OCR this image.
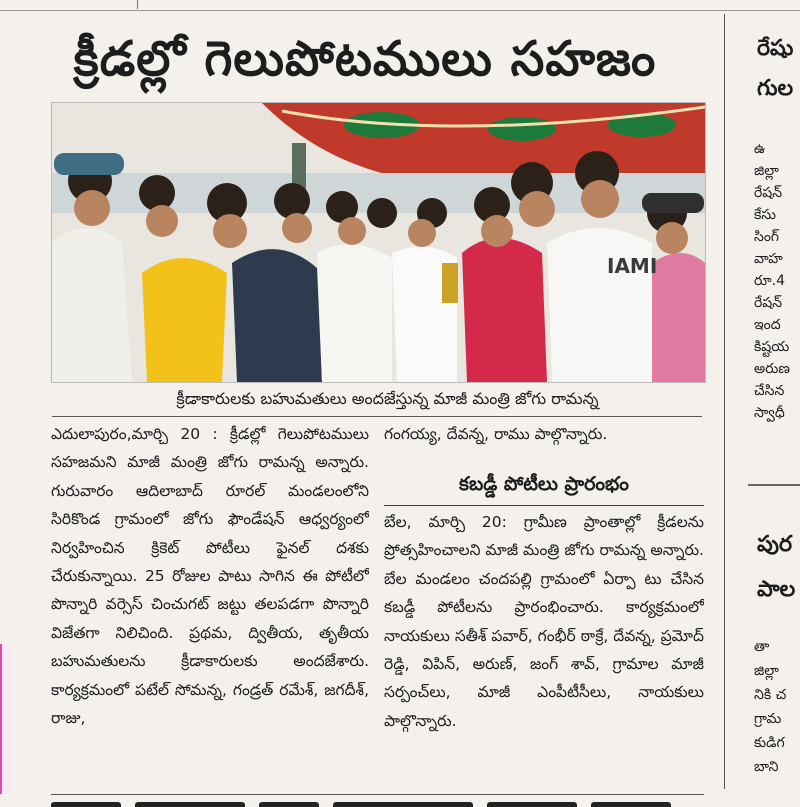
క్రీడల్లో గెలుపోటములు సహజం
IAMI
క్రీడాకారులకు బహుమతులు అందజేస్తున్న మాజీ మంత్రి జోగు రామన్న

ఎదులాపురం,మార్చి 20 : క్రీడల్లో గెలుపోటములు సహజమని మాజీ మంత్రి జోగు రామన్న అన్నారు. గురువారం ఆదిలాబాద్ రూరల్ మండలంలోని సిరికొండ గ్రామంలో జోగు ఫౌండేషన్ ఆధ్వర్యంలో నిర్వహించిన క్రికెట్ పోటీలు ఫైనల్ దశకు చేరుకున్నాయి. 25 రోజుల పాటు సాగిన ఈ పోటీలో పొన్నారి వర్సెస్ చించుగట్ జట్టు తలపడగా పొన్నారి విజేతగా నిలిచింది. ప్రథమ, ద్వితీయ, తృతీయ బహుమతులను క్రీడాకారులకు అందజేశారు. కార్యక్రమంలో పటేల్ సోమన్న, గండ్రత్ రమేశ్, జగదీశ్, రాజు,

గంగయ్య, దేవన్న, రాము పాల్గొన్నారు.

కబడ్డీ పోటీలు ప్రారంభం

బేల, మార్చి 20: గ్రామీణ ప్రాంతాల్లో క్రీడలను ప్రోత్సహించాలని మాజీ మంత్రి జోగు రామన్న అన్నారు. బేల మండలం చందపల్లి గ్రామంలో ఏర్పా టు చేసిన కబడ్డీ పోటీలను ప్రారంభించారు. కార్యక్రమంలో నాయకులు సతీశ్ పవార్, గంభీర్ ఠాక్రే, దేవన్న, ప్రమోద్ రెడ్డి, విపిన్, అరుణ్, జంగ్ శావ్, గ్రామాల మాజీ సర్పంచ్‌లు, మాజీ ఎంపీటీసీలు, నాయకులు పాల్గొన్నారు.

రేషు
గుల
ఉ
జిల్లా
రేషన్
కేసు
సింగ్
వాహ
రూ.4
రేషన్
ఇంద
కిష్టయ
అరుణ
చేసిన
స్వాధీ
పుర
పాల
తా
జిల్లా
నికి చ
గ్రామ
కుడిగ
బాని
